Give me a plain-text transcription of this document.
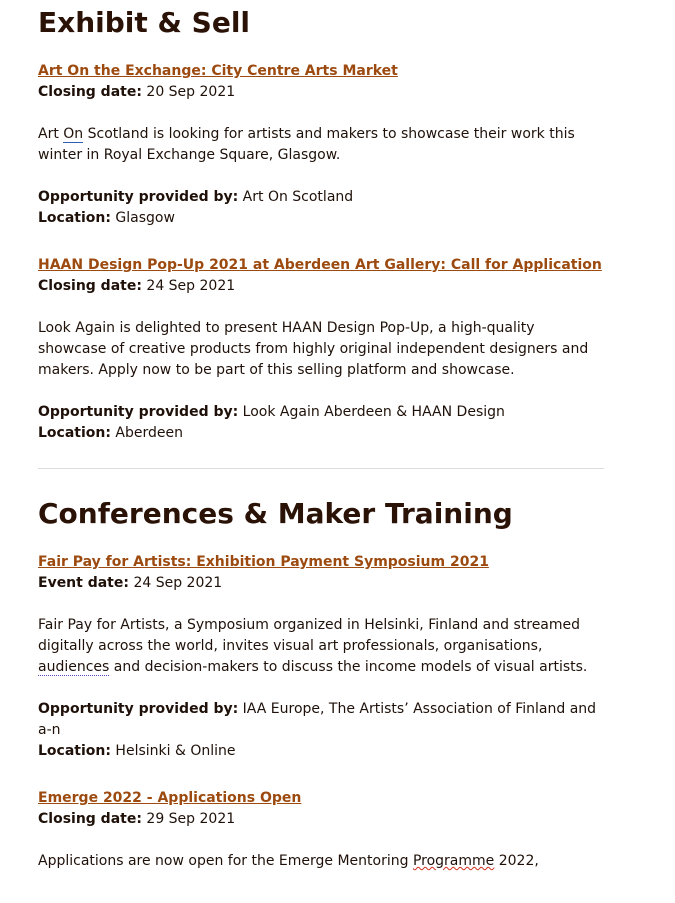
Exhibit & Sell
Art On the Exchange: City Centre Arts Market

Closing date: 20 Sep 2021

Art On Scotland is looking for artists and makers to showcase their work this winter in Royal Exchange Square, Glasgow.

Opportunity provided by: Art On Scotland

Location: Glasgow

HAAN Design Pop-Up 2021 at Aberdeen Art Gallery: Call for Application

Closing date: 24 Sep 2021

Look Again is delighted to present HAAN Design Pop-Up, a high-quality showcase of creative products from highly original independent designers and makers. Apply now to be part of this selling platform and showcase.

Opportunity provided by: Look Again Aberdeen & HAAN Design

Location: Aberdeen

Conferences & Maker Training
Fair Pay for Artists: Exhibition Payment Symposium 2021

Event date: 24 Sep 2021

Fair Pay for Artists, a Symposium organized in Helsinki, Finland and streamed digitally across the world, invites visual art professionals, organisations, audiences and decision-makers to discuss the income models of visual artists.

Opportunity provided by: IAA Europe, The Artists’ Association of Finland and a-n

Location: Helsinki & Online

Emerge 2022 - Applications Open

Closing date: 29 Sep 2021

Applications are now open for the Emerge Mentoring Programme 2022,
